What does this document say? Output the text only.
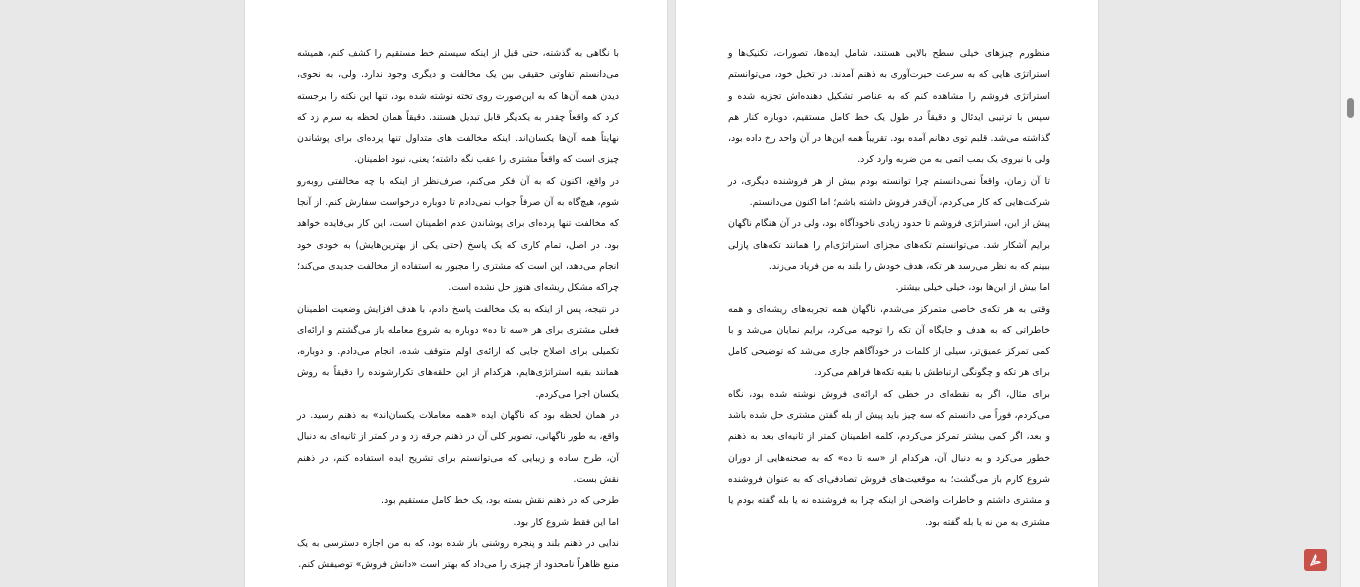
با نگاهی به گذشته، حتی قبل از اینکه سیستم خط مستقیم را کشف کنم، همیشه می‌دانستم تفاوتی حقیقی بین یک مخالفت و دیگری وجود ندارد. ولی، به نحوی، دیدن همه آن‌ها که به این‌صورت روی تخته نوشته شده بود، تنها این نکته را برجسته کرد که واقعاً چقدر به یکدیگر قابل تبدیل هستند. دقیقاً همان لحظه به سرم زد که نهایتاً همه آن‌ها یکسان‌اند. اینکه مخالفت های متداول تنها پرده‌ای برای پوشاندن چیزی است که واقعاً مشتری را عقب نگه داشته؛ یعنی، نبود اطمینان.

در واقع، اکنون که به آن فکر می‌کنم، صرف‌نظر از اینکه با چه مخالفتی روبه‌رو شوم، هیچ‌گاه به آن صرفاً جواب نمی‌دادم تا دوباره درخواست سفارش کنم. از آنجا که مخالفت تنها پرده‌ای برای پوشاندن عدم اطمینان است، این کار بی‌فایده خواهد بود. در اصل، تمام کاری که یک پاسخ (حتی یکی از بهترین‌هایش) به خودی خود انجام می‌دهد، این است که مشتری را مجبور به استفاده از مخالفت جدیدی می‌کند؛ چراکه مشکل ریشه‌ای هنوز حل نشده است.

در نتیجه، پس از اینکه به یک مخالفت پاسخ دادم، با هدف افزایش وضعیت اطمینان فعلی مشتری برای هر «سه تا ده» دوباره به شروع معامله باز می‌گشتم و ارائه‌ای تکمیلی برای اصلاح جایی که ارائه‌ی اولم متوقف شده، انجام می‌دادم. و دوباره، همانند بقیه استراتژی‌هایم، هرکدام از این حلقه‌های تکرارشونده را دقیقاً به روش یکسان اجرا می‌کردم.

در همان لحظه بود که ناگهان ایده «همه معاملات یکسان‌اند» به ذهنم رسید. در واقع، به طور ناگهانی، تصویر کلی آن در ذهنم جرقه زد و در کمتر از ثانیه‌ای به دنبال آن، طرح ساده و زیبایی که می‌توانستم برای تشریح ایده استفاده کنم، در ذهنم نقش بست.

طرحی که در ذهنم نقش بسته بود، یک خط کامل مستقیم بود.

اما این فقط شروع کار بود.

ندایی در ذهنم بلند و پنجره روشنی باز شده بود، که به من اجازه دسترسی به یک منبع ظاهراً نامحدود از چیزی را می‌داد که بهتر است «دانش فروش» توصیفش کنم.

منظورم چیزهای خیلی سطح بالایی هستند، شامل ایده‌ها، تصورات، تکنیک‌ها و استراتژی هایی که به سرعت حیرت‌آوری به ذهنم آمدند. در تخیل خود، می‌توانستم استراتژی فروشم را مشاهده کنم که به عناصر تشکیل دهنده‌اش تجزیه شده و سپس با ترتیبی ایدئال و دقیقاً در طول یک خط کامل مستقیم، دوباره کنار هم گذاشته می‌شد. قلبم توی دهانم آمده بود. تقریباً همه این‌ها در آن واحد رخ داده بود، ولی با نیروی یک بمب اتمی به من ضربه وارد کرد.

تا آن زمان، واقعاً نمی‌دانستم چرا توانسته بودم بیش از هر فروشنده دیگری، در شرکت‌هایی که کار می‌کردم، آن‌قدر فروش داشته باشم؛ اما اکنون می‌دانستم.

پیش از این، استراتژی فروشم تا حدود زیادی ناخودآگاه بود، ولی در آن هنگام ناگهان برایم آشکار شد. می‌توانستم تکه‌های مجزای استراتژی‌ام را همانند تکه‌های پازلی ببینم که به نظر می‌رسد هر تکه، هدف خودش را بلند به من فریاد می‌زند.

اما بیش از این‌ها بود، خیلی خیلی بیشتر.

وقتی به هر تکه‌ی خاصی متمرکز می‌شدم، ناگهان همه تجربه‌های ریشه‌ای و همه خاطراتی که به هدف و جایگاه آن تکه را توجیه می‌کرد، برایم نمایان می‌شد و با کمی تمرکز عمیق‌تر، سیلی از کلمات در خودآگاهم جاری می‌شد که توضیحی کامل برای هر تکه و چگونگی ارتباطش با بقیه تکه‌ها فراهم می‌کرد.

برای مثال، اگر به نقطه‌ای در خطی که ارائه‌ی فروش نوشته شده بود، نگاه می‌کردم، فوراً می دانستم که سه چیز باید پیش از بله گفتن مشتری حل شده باشد و بعد، اگر کمی بیشتر تمرکز می‌کردم، کلمه اطمینان کمتر از ثانیه‌ای بعد به ذهنم خطور می‌کرد و به دنبال آن، هرکدام از «سه تا ده» که به صحنه‌هایی از دوران شروع کارم باز می‌گشت؛ به موقعیت‌های فروش تصادفی‌ای که به عنوان فروشنده و مشتری داشتم و خاطرات واضحی از اینکه چرا به فروشنده نه یا بله گفته بودم یا مشتری به من نه یا بله گفته بود.
